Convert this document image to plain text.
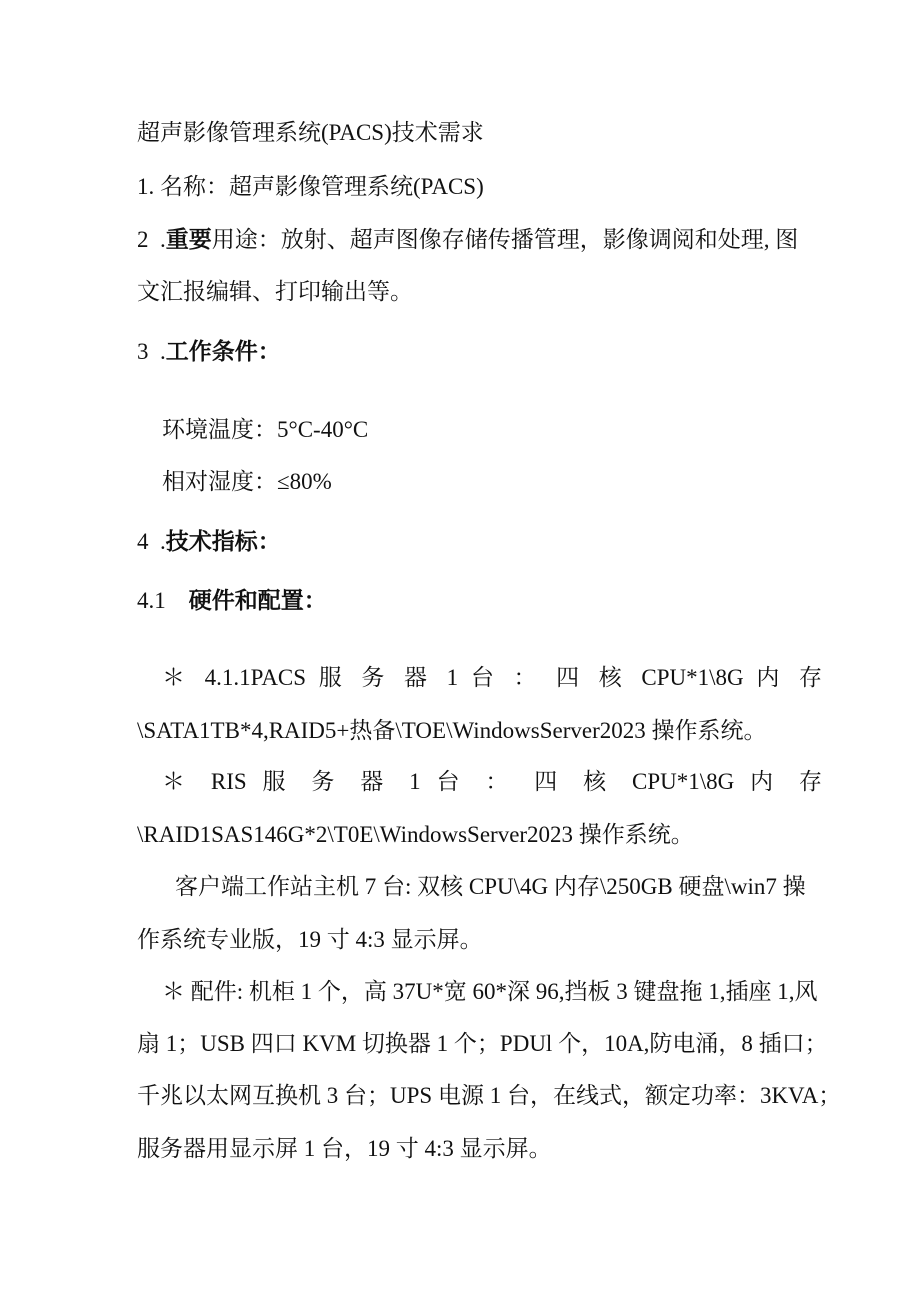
超声影像管理系统(PACS)技术需求
1. 名称：超声影像管理系统(PACS)
2  .重要用途：放射、超声图像存储传播管理，影像调阅和处理, 图
文汇报编辑、打印输出等。
3  .工作条件：
环境温度：5°C-40°C
相对湿度：≤80%
4  .技术指标：
4.1    硬件和配置：
＊ 4.1.1PACS 服 务 器 1 台 ： 四 核 CPU*1\8G 内 存
\SATA1TB*4,RAID5+热备\TOE\WindowsServer2023 操作系统。
＊ RIS 服 务 器 1 台 ： 四 核 CPU*1\8G 内 存
\RAID1SAS146G*2\T0E\WindowsServer2023 操作系统。
客户端工作站主机 7 台: 双核 CPU\4G 内存\250GB 硬盘\win7 操
作系统专业版，19 寸 4:3 显示屏。
＊ 配件: 机柜 1 个，高 37U*宽 60*深 96,挡板 3 键盘拖 1,插座 1,风
扇 1；USB 四口 KVM 切换器 1 个；PDUl 个，10A,防电涌，8 插口；
千兆以太网互换机 3 台；UPS 电源 1 台，在线式，额定功率：3KVA；
服务器用显示屏 1 台，19 寸 4:3 显示屏。
